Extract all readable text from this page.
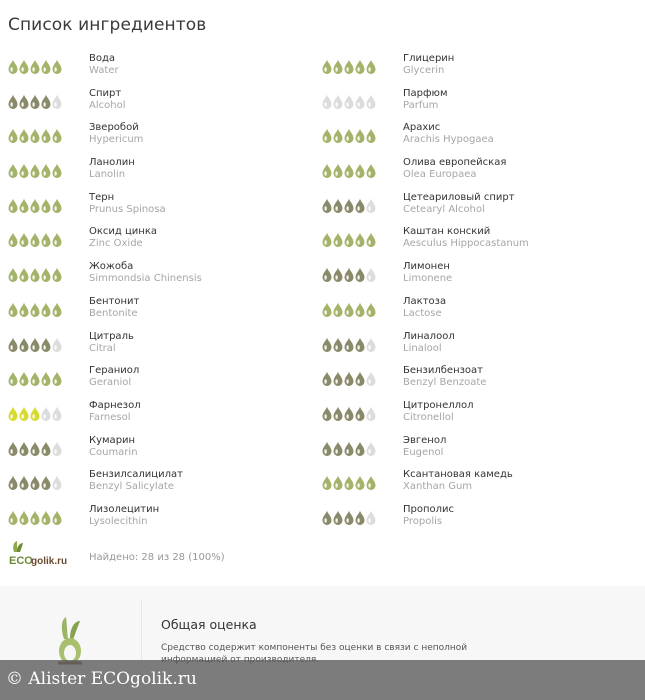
Список ингредиентов
Вода
Water
Спирт
Alcohol
Зверобой
Hypericum
Ланолин
Lanolin
Терн
Prunus Spinosa
Оксид цинка
Zinc Oxide
Жожоба
Simmondsia Chinensis
Бентонит
Bentonite
Цитраль
Citral
Гераниол
Geraniol
Фарнезол
Farnesol
Кумарин
Coumarin
Бензилсалицилат
Benzyl Salicylate
Лизолецитин
Lysolecithin
Глицерин
Glycerin
Парфюм
Parfum
Арахис
Arachis Hypogaea
Олива европейская
Olea Europaea
Цетеариловый спирт
Cetearyl Alcohol
Каштан конский
Aesculus Hippocastanum
Лимонен
Limonene
Лактоза
Lactose
Линалоол
Linalool
Бензилбензоат
Benzyl Benzoate
Цитронеллол
Citronellol
Эвгенол
Eugenol
Ксантановая камедь
Xanthan Gum
Прополис
Propolis
ECO
golik.ru Найдено: 28 из 28 (100%)
Общая оценка
Средство содержит компоненты без оценки в связи с неполной
© Alister ECOgolik.ru
